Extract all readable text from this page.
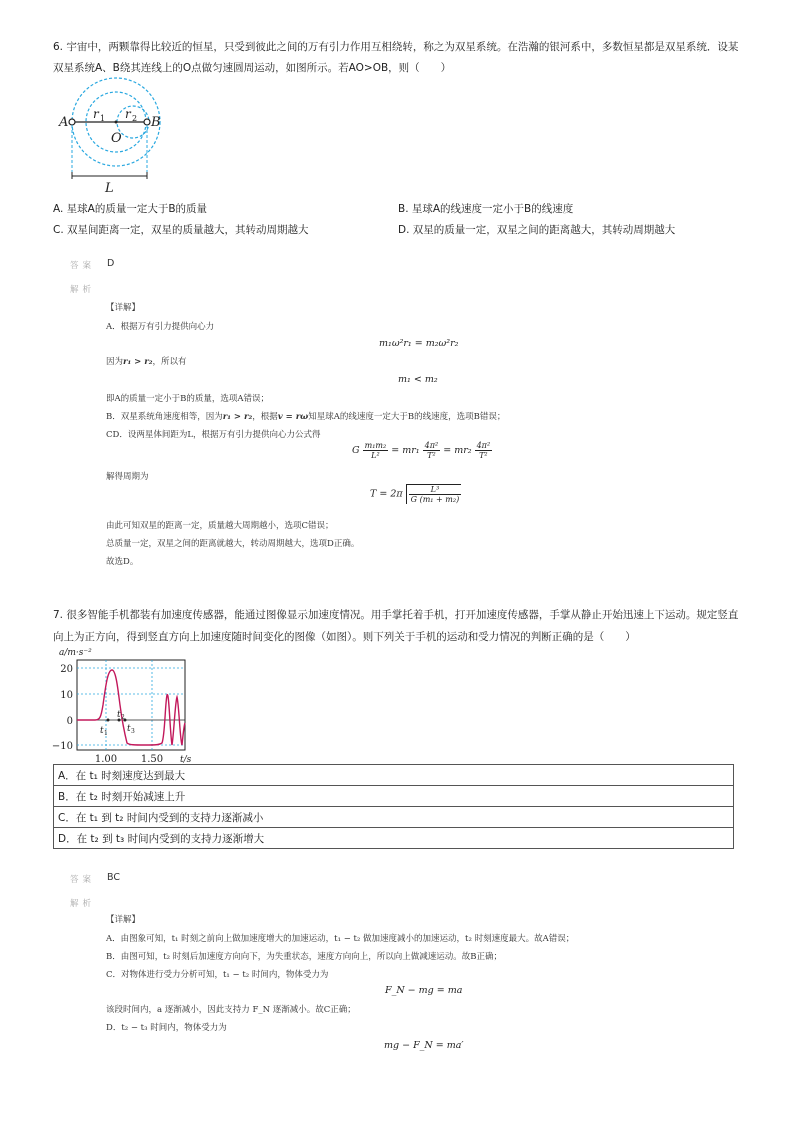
6. 宇宙中，两颗靠得比较近的恒星，只受到彼此之间的万有引力作用互相绕转，称之为双星系统。在浩瀚的银河系中，多数恒星都是双星系统．设某
双星系统A、B绕其连线上的O点做匀速圆周运动，如图所示。若AO>OB，则（　　）
A	B
O
r 1 r 2
L
A. 星球A的质量一定大于B的质量	B. 星球A的线速度一定小于B的线速度
C. 双星间距离一定，双星的质量越大，其转动周期越大	D. 双星的质量一定，双星之间的距离越大，其转动周期越大
答案 D
解析
【详解】
A．根据万有引力提供向心力
m₁ω²r₁ = m₂ω²r₂
因为r₁ > r₂，所以有
m₁ < m₂
即A的质量一定小于B的质量，选项A错误；
B．双星系统角速度相等，因为r₁ > r₂，根据v = rω知星球A的线速度一定大于B的线速度，选项B错误；
CD．设两星体间距为L，根据万有引力提供向心力公式得
G $\frac{\text{m₁m₂}}{\text{L²}} = mr_1 \frac{\text{4π²}}{\text{T²}} = mr_2 \frac{\text{4π²}}{\text{T²}}$
解得周期为
$T = 2\pi \frac{\text{L³}}{\text{G (m₁ + m₂)}}$
由此可知双星的距离一定，质量越大周期越小，选项C错误；
总质量一定，双星之间的距离就越大，转动周期越大，选项D正确。
故选D。
7. 很多智能手机都装有加速度传感器，能通过图像显示加速度情况。用手掌托着手机，打开加速度传感器，手掌从静止开始迅速上下运动。规定竖直
向上为正方向，得到竖直方向上加速度随时间变化的图像（如图）。则下列关于手机的运动和受力情况的判断正确的是（　　）
a/m·s⁻²
t 1
t 2
t 3
20
10
0
−10
1.00 1.50 t/s
A．在 t₁ 时刻速度达到最大
B．在 t₂ 时刻开始减速上升
C．在 t₁ 到 t₂ 时间内受到的支持力逐渐减小
D．在 t₂ 到 t₃ 时间内受到的支持力逐渐增大
答案 BC
解析
【详解】
A．由图象可知，t₁ 时刻之前向上做加速度增大的加速运动，t₁ − t₂ 做加速度减小的加速运动，t₂ 时刻速度最大。故A错误；
B．由图可知，t₂ 时刻后加速度方向向下，为失重状态，速度方向向上，所以向上做减速运动。故B正确；
C．对物体进行受力分析可知，t₁ − t₂ 时间内，物体受力为
F_N − mg = ma
该段时间内，a 逐渐减小，因此支持力 F_N 逐渐减小。故C正确；
D．t₂ − t₃ 时间内，物体受力为
mg − F_N = ma′
